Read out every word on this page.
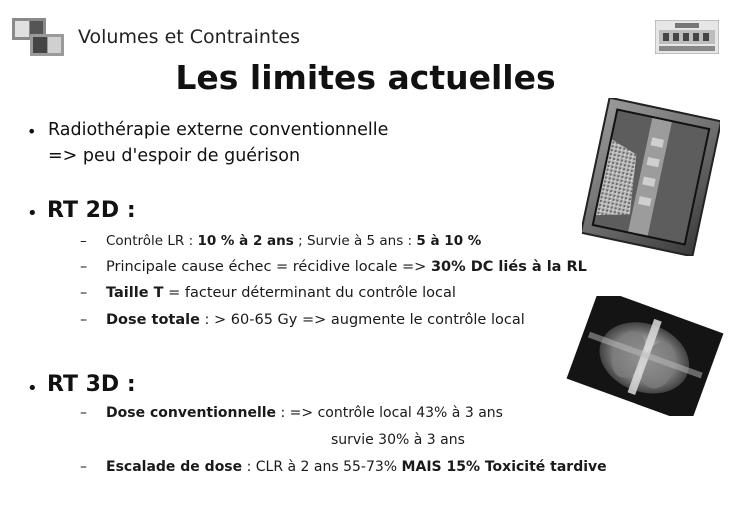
Volumes et Contraintes
Les limites actuelles
• Radiothérapie externe conventionnelle
=> peu d'espoir de guérison
• RT 2D :
– Contrôle LR : 10 % à 2 ans ; Survie à 5 ans : 5 à 10 %
– Principale cause échec = récidive locale => 30% DC liés à la RL
– Taille T = facteur déterminant du contrôle local
– Dose totale : > 60-65 Gy => augmente le contrôle local
• RT 3D :
– Dose conventionnelle : => contrôle local 43% à 3 ans
survie 30% à 3 ans
– Escalade de dose : CLR à 2 ans 55-73% MAIS 15% Toxicité tardive
